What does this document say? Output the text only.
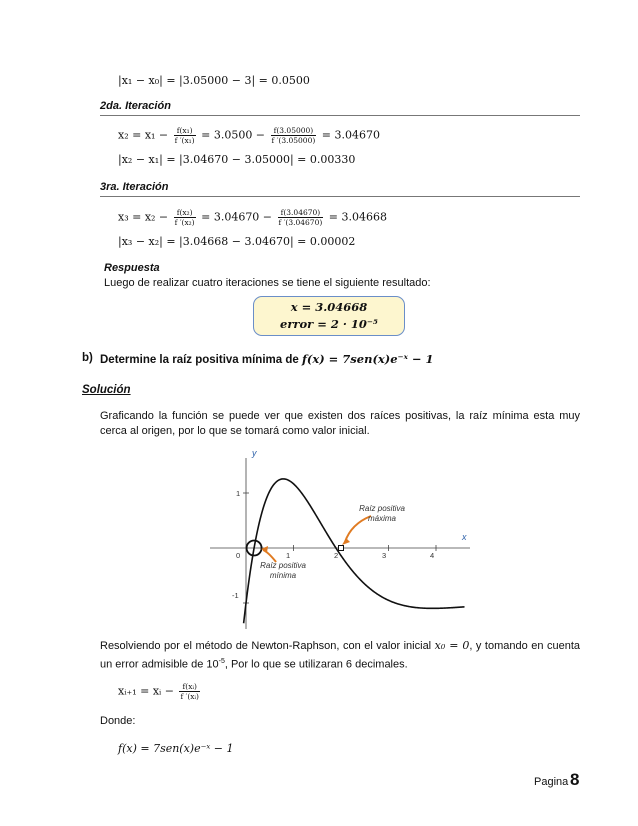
|x₁ − x₀| = |3.05000 − 3| = 0.0500
2da. Iteración
$x_2 = x_1 - \frac{\text{f(x₁)}}{\text{f ′(x₁)}} = 3.0500 - \frac{f(3.05000)}{f '(3.05000)} = 3.04670$
|x₂ − x₁| = |3.04670 − 3.05000| = 0.00330
3ra. Iteración
$x_3 = x_2 - \frac{\text{f(x₂)}}{\text{f ′(x₂)}} = 3.04670 - \frac{f(3.04670)}{f '(3.04670)} = 3.04668$
|x₃ − x₂| = |3.04668 − 3.04670| = 0.00002
Respuesta
Luego de realizar cuatro iteraciones se tiene el siguiente resultado:
x = 3.04668
error = 2 · 10⁻⁵
b) Determine la raíz positiva mínima de f(x) = 7sen(x)e⁻ˣ − 1
Solución
Graficando la función se puede ver que existen dos raíces positivas, la raíz mínima esta muy cerca al origen, por lo que se tomará como valor inicial.
y
x
0	1	2	3	4
1
-1
Raíz positiva
máxima
Raíz positiva
mínima
Resolviendo por el método de Newton-Raphson, con el valor inicial x₀ = 0, y tomando en cuenta un error admisible de $10^{-5}$, Por lo que se utilizaran 6 decimales.
xᵢ₊₁ = xᵢ − $\frac{\text{f(xᵢ)}}{\text{f ′(xᵢ)}}$
Donde:
f(x) = 7sen(x)e⁻ˣ − 1
Pagina 8
